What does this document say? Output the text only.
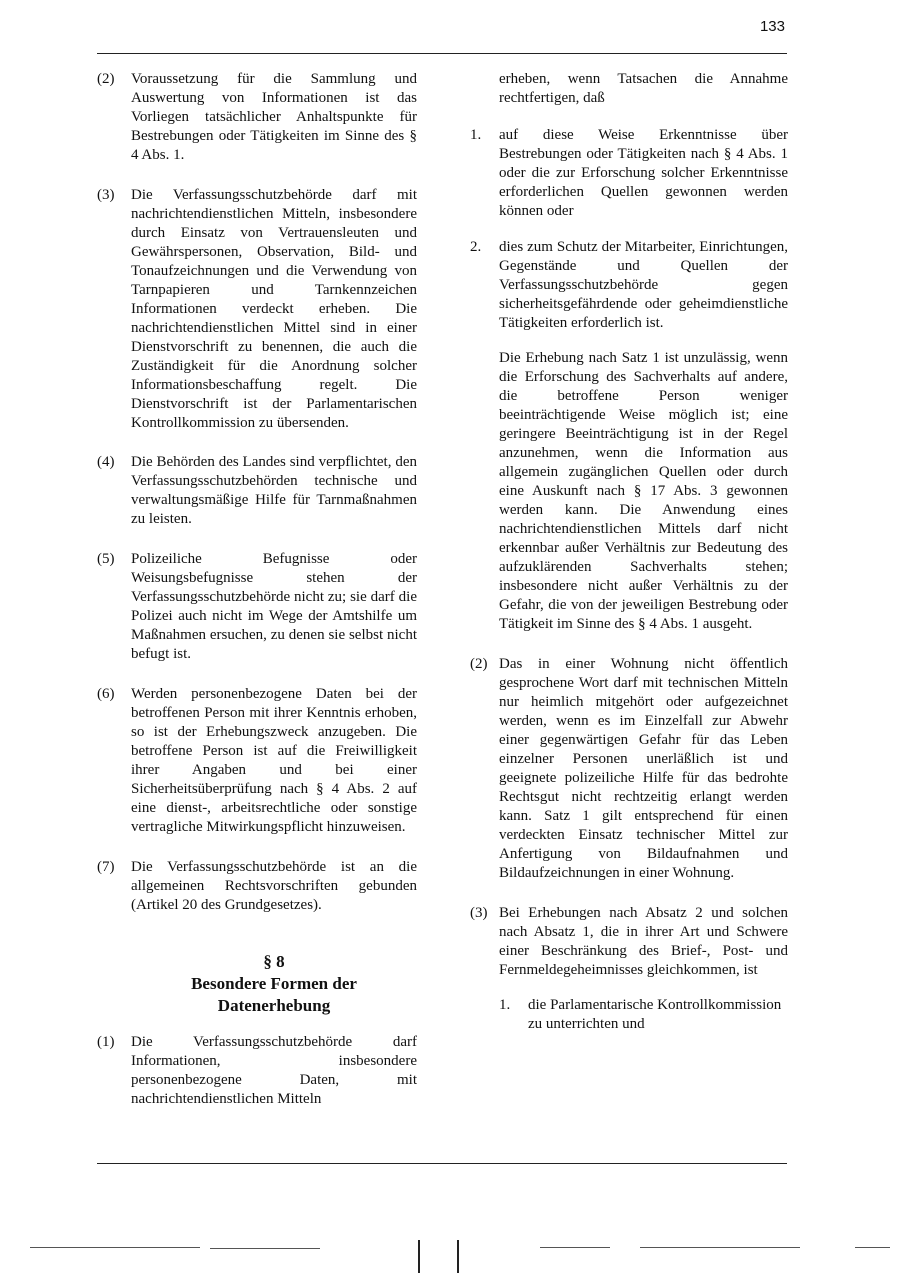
133
(2)	Voraussetzung für die Sammlung und Auswertung von Informationen ist das Vorliegen tatsächlicher Anhaltspunkte für Bestrebungen oder Tätigkeiten im Sinne des § 4 Abs. 1.
(3)	Die Verfassungsschutzbehörde darf mit nachrichtendienstlichen Mitteln, insbesondere durch Einsatz von Vertrauensleuten und Gewährspersonen, Observation, Bild- und Tonaufzeichnungen und die Verwendung von Tarnpapieren und Tarnkennzeichen Informationen verdeckt erheben. Die nachrichtendienstlichen Mittel sind in einer Dienstvorschrift zu benennen, die auch die Zuständigkeit für die Anordnung solcher Informationsbeschaffung regelt. Die Dienstvorschrift ist der Parlamentarischen Kontrollkommission zu übersenden.
(4)	Die Behörden des Landes sind verpflichtet, den Verfassungsschutzbehörden technische und verwaltungsmäßige Hilfe für Tarnmaßnahmen zu leisten.
(5)	Polizeiliche Befugnisse oder Weisungsbefugnisse stehen der Verfassungsschutzbehörde nicht zu; sie darf die Polizei auch nicht im Wege der Amtshilfe um Maßnahmen ersuchen, zu denen sie selbst nicht befugt ist.
(6)	Werden personenbezogene Daten bei der betroffenen Person mit ihrer Kenntnis erhoben, so ist der Erhebungszweck anzugeben. Die betroffene Person ist auf die Freiwilligkeit ihrer Angaben und bei einer Sicherheitsüberprüfung nach § 4 Abs. 2 auf eine dienst-, arbeitsrechtliche oder sonstige vertragliche Mitwirkungspflicht hinzuweisen.
(7)	Die Verfassungsschutzbehörde ist an die allgemeinen Rechtsvorschriften gebunden (Artikel 20 des Grundgesetzes).
§ 8
Besondere Formen der
Datenerhebung
(1)	Die Verfassungsschutzbehörde darf Informationen, insbesondere personenbezogene Daten, mit nachrichtendienstlichen Mitteln
erheben, wenn Tatsachen die Annahme rechtfertigen, daß
1.	auf diese Weise Erkenntnisse über Bestrebungen oder Tätigkeiten nach § 4 Abs. 1 oder die zur Erforschung solcher Erkenntnisse erforderlichen Quellen gewonnen werden können oder
2.	dies zum Schutz der Mitarbeiter, Einrichtungen, Gegenstände und Quellen der Verfassungsschutzbehörde gegen sicherheitsgefährdende oder geheimdienstliche Tätigkeiten erforderlich ist.
Die Erhebung nach Satz 1 ist unzulässig, wenn die Erforschung des Sachverhalts auf andere, die betroffene Person weniger beeinträchtigende Weise möglich ist; eine geringere Beeinträchtigung ist in der Regel anzunehmen, wenn die Information aus allgemein zugänglichen Quellen oder durch eine Auskunft nach § 17 Abs. 3 gewonnen werden kann. Die Anwendung eines nachrichtendienstlichen Mittels darf nicht erkennbar außer Verhältnis zur Bedeutung des aufzuklärenden Sachverhalts stehen; insbesondere nicht außer Verhältnis zu der Gefahr, die von der jeweiligen Bestrebung oder Tätigkeit im Sinne des § 4 Abs. 1 ausgeht.
(2) Das in einer Wohnung nicht öffentlich gesprochene Wort darf mit technischen Mitteln nur heimlich mitgehört oder aufgezeichnet werden, wenn es im Einzelfall zur Abwehr einer gegenwärtigen Gefahr für das Leben einzelner Personen unerläßlich ist und geeignete polizeiliche Hilfe für das bedrohte Rechtsgut nicht rechtzeitig erlangt werden kann. Satz 1 gilt entsprechend für einen verdeckten Einsatz technischer Mittel zur Anfertigung von Bildaufnahmen und Bildaufzeichnungen in einer Wohnung.
(3) Bei Erhebungen nach Absatz 2 und solchen nach Absatz 1, die in ihrer Art und Schwere einer Beschränkung des Brief-, Post- und Fernmeldegeheimnisses gleichkommen, ist
1.	die Parlamentarische Kontrollkommission zu unterrichten und
